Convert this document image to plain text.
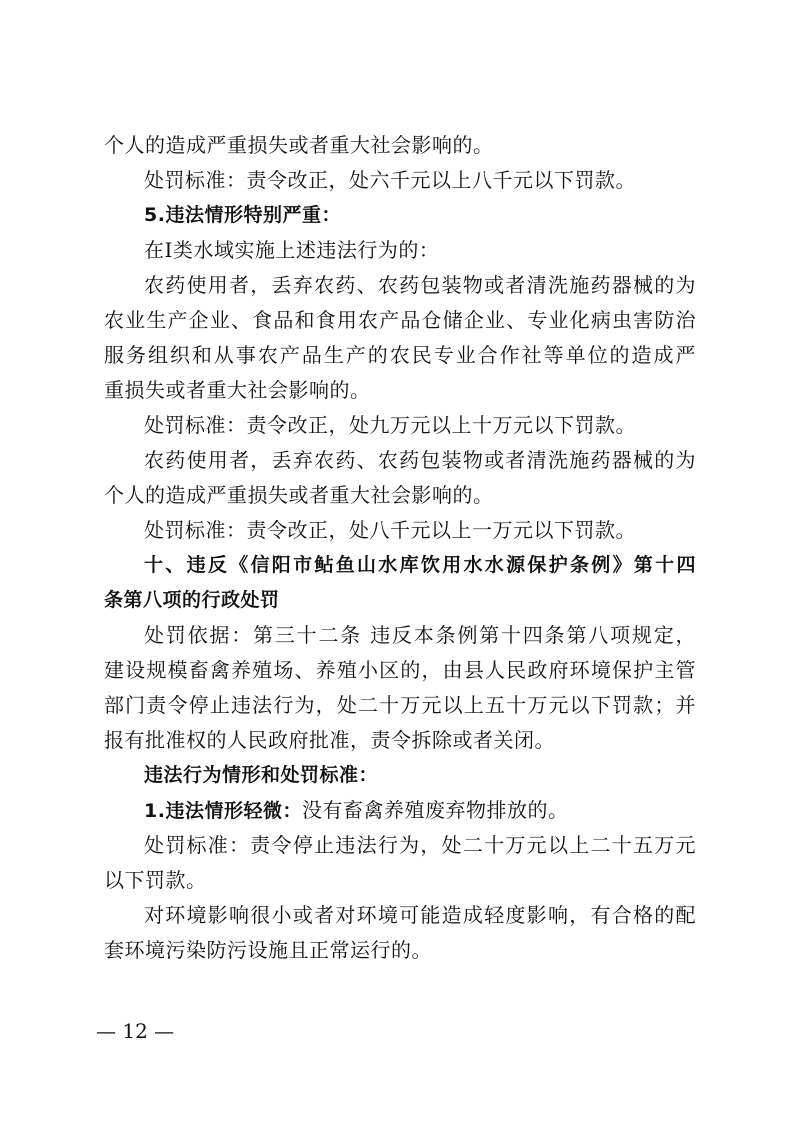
个人的造成严重损失或者重大社会影响的。
处罚标准：责令改正，处六千元以上八千元以下罚款。
5.违法情形特别严重：
在Ⅰ类水域实施上述违法行为的：
农药使用者，丢弃农药、农药包装物或者清洗施药器械的为
农业生产企业、食品和食用农产品仓储企业、专业化病虫害防治
服务组织和从事农产品生产的农民专业合作社等单位的造成严
重损失或者重大社会影响的。
处罚标准：责令改正，处九万元以上十万元以下罚款。
农药使用者，丢弃农药、农药包装物或者清洗施药器械的为
个人的造成严重损失或者重大社会影响的。
处罚标准：责令改正，处八千元以上一万元以下罚款。
十、违反《信阳市鲇鱼山水库饮用水水源保护条例》第十四
条第八项的行政处罚
处罚依据：第三十二条 违反本条例第十四条第八项规定，
建设规模畜禽养殖场、养殖小区的，由县人民政府环境保护主管
部门责令停止违法行为，处二十万元以上五十万元以下罚款；并
报有批准权的人民政府批准，责令拆除或者关闭。
违法行为情形和处罚标准：
1.违法情形轻微：没有畜禽养殖废弃物排放的。
处罚标准：责令停止违法行为，处二十万元以上二十五万元
以下罚款。
对环境影响很小或者对环境可能造成轻度影响，有合格的配
套环境污染防污设施且正常运行的。
— 12 —
